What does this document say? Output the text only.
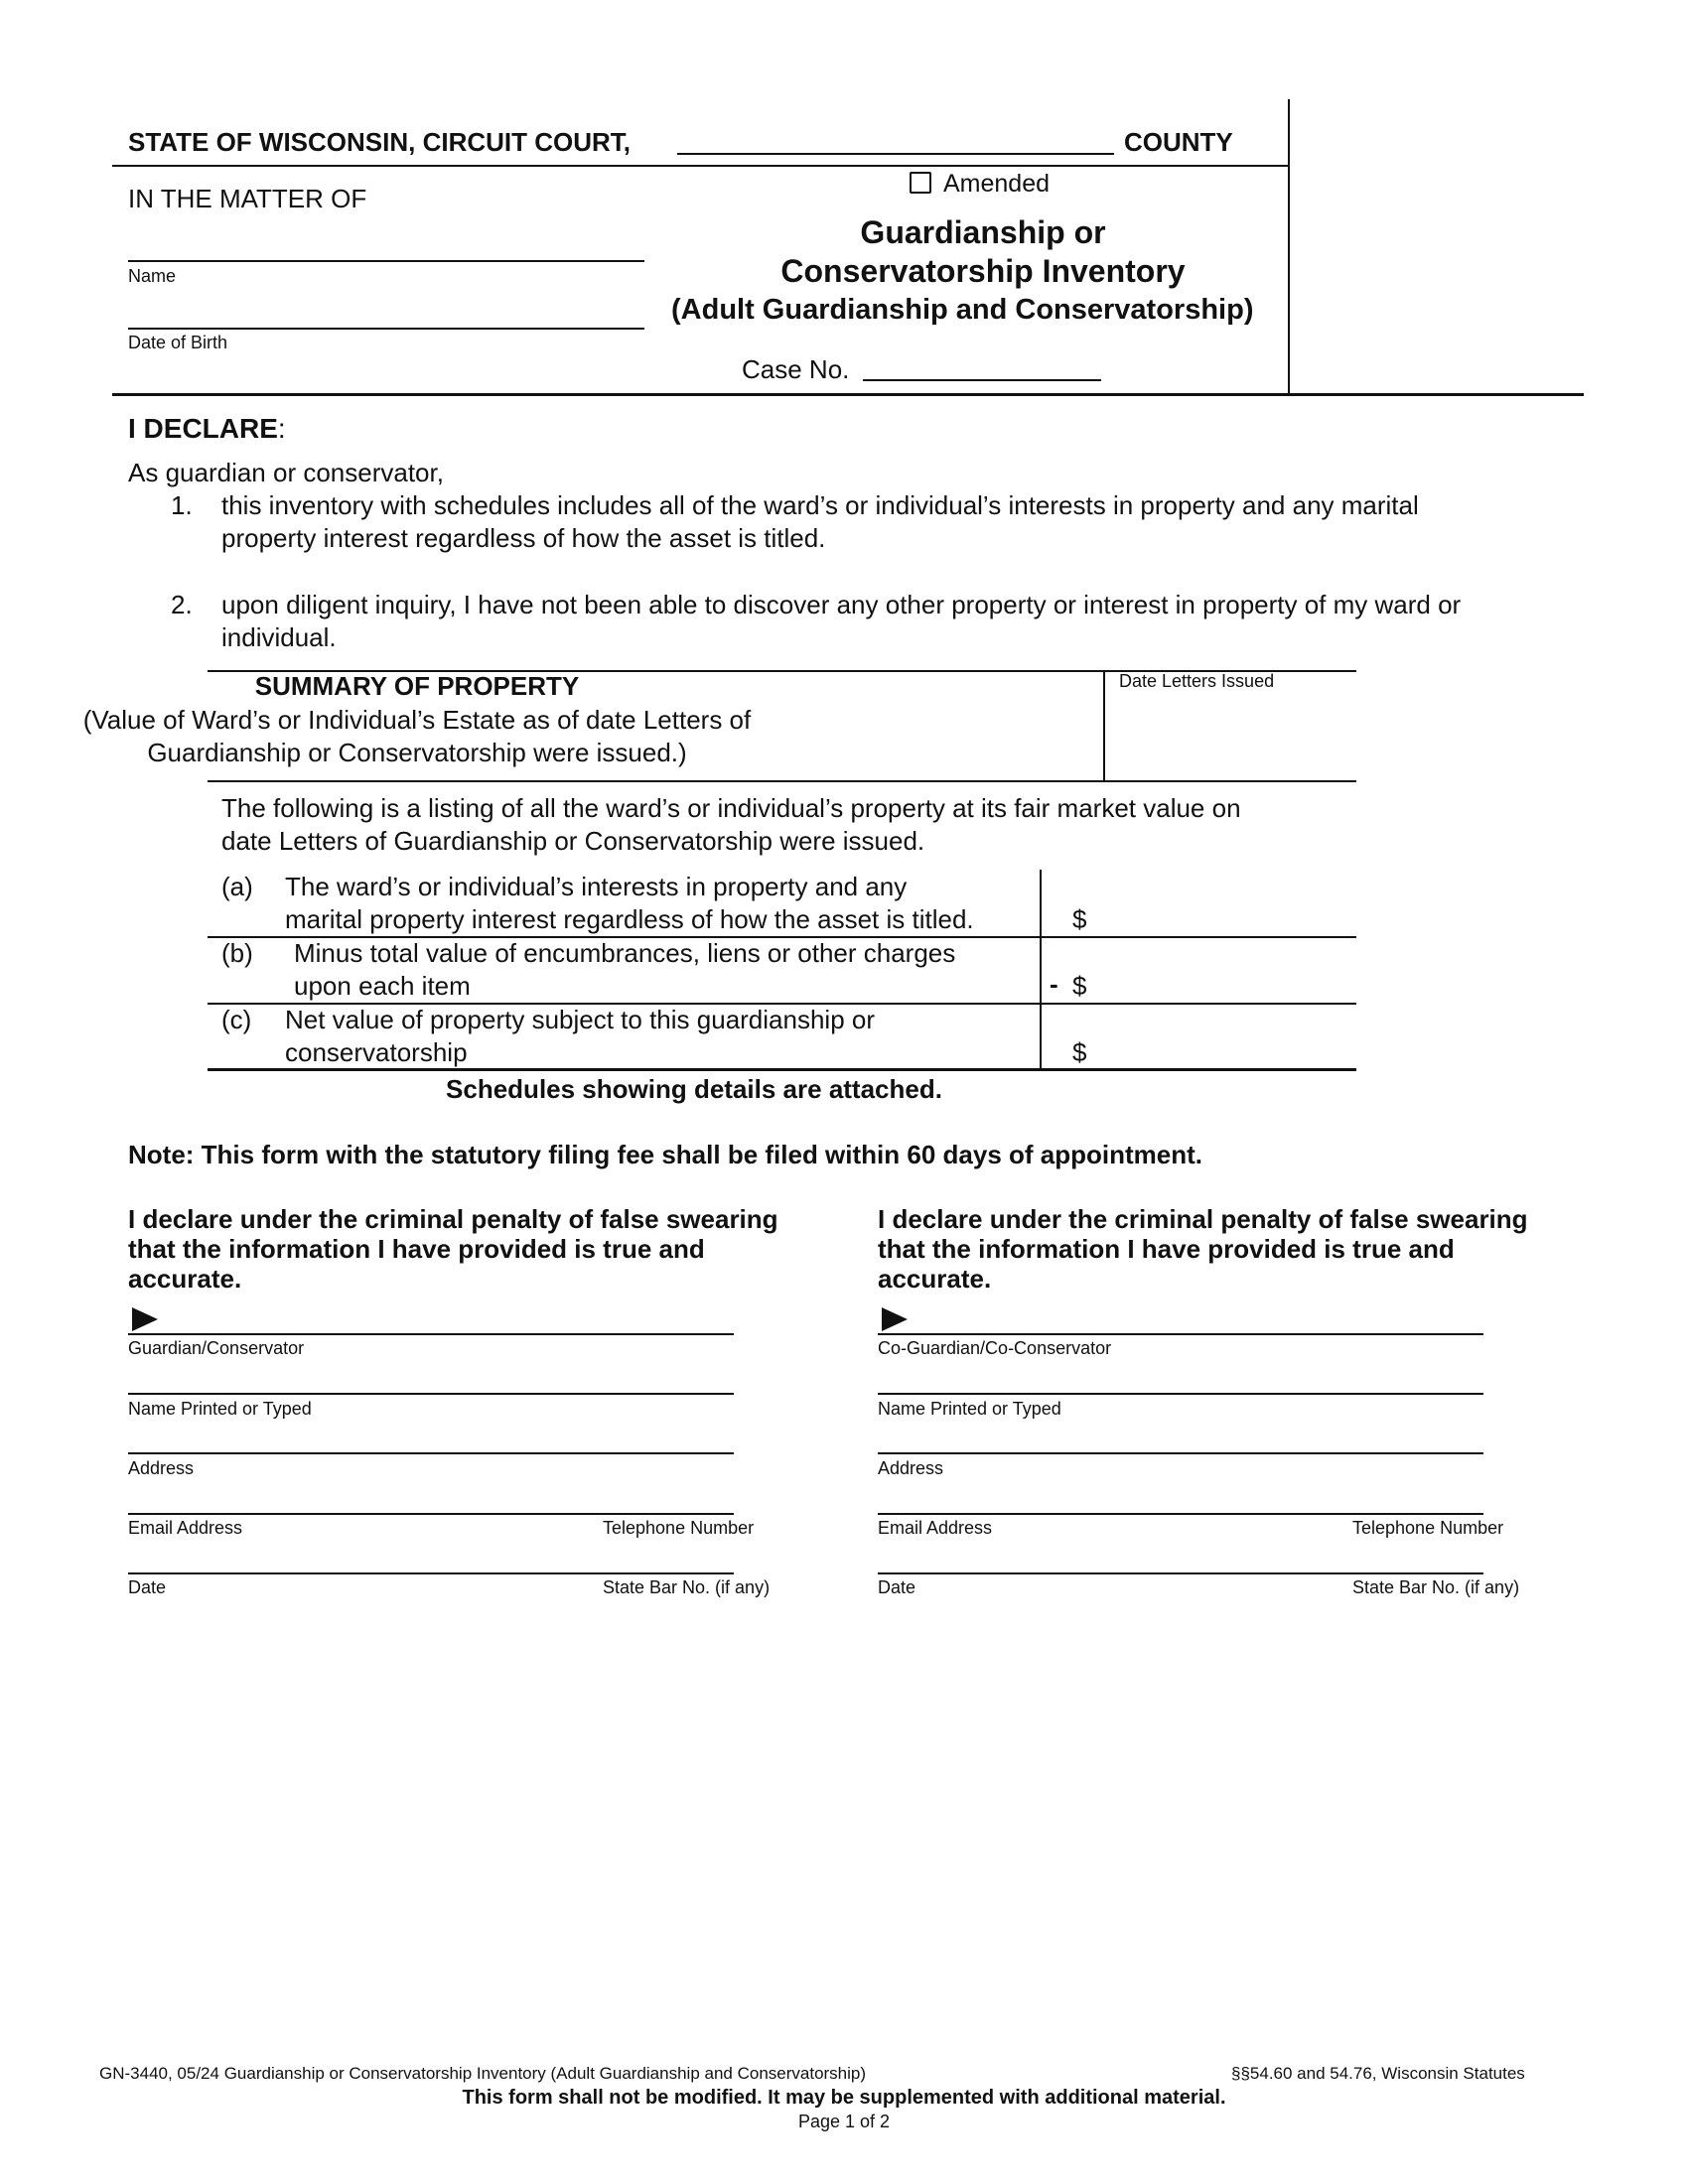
STATE OF WISCONSIN, CIRCUIT COURT,	COUNTY
IN THE MATTER OF
Name
Date of Birth
Amended
Guardianship or
Conservatorship Inventory
(Adult Guardianship and Conservatorship)
Case No.
I DECLARE:
As guardian or conservator,
1. this inventory with schedules includes all of the ward’s or individual’s interests in property and any marital
property interest regardless of how the asset is titled.
2. upon diligent inquiry, I have not been able to discover any other property or interest in property of my ward or
individual.
SUMMARY OF PROPERTY
(Value of Ward’s or Individual’s Estate as of date Letters of
Guardianship or Conservatorship were issued.)
Date Letters Issued
The following is a listing of all the ward’s or individual’s property at its fair market value on
date Letters of Guardianship or Conservatorship were issued.
(a) The ward’s or individual’s interests in property and any
marital property interest regardless of how the asset is titled.	$
(b) Minus total value of encumbrances, liens or other charges
upon each item	- $
(c) Net value of property subject to this guardianship or
conservatorship	$
Schedules showing details are attached.
Note: This form with the statutory filing fee shall be filed within 60 days of appointment.
I declare under the criminal penalty of false swearing
that the information I have provided is true and
accurate.
Guardian/Conservator
Name Printed or Typed
Address
Email Address	Telephone Number
Date	State Bar No. (if any)
I declare under the criminal penalty of false swearing
that the information I have provided is true and
accurate.
Co-Guardian/Co-Conservator
Name Printed or Typed
Address
Email Address	Telephone Number
Date	State Bar No. (if any)
GN-3440, 05/24 Guardianship or Conservatorship Inventory (Adult Guardianship and Conservatorship)	§§54.60 and 54.76, Wisconsin Statutes
This form shall not be modified. It may be supplemented with additional material.
Page 1 of 2
